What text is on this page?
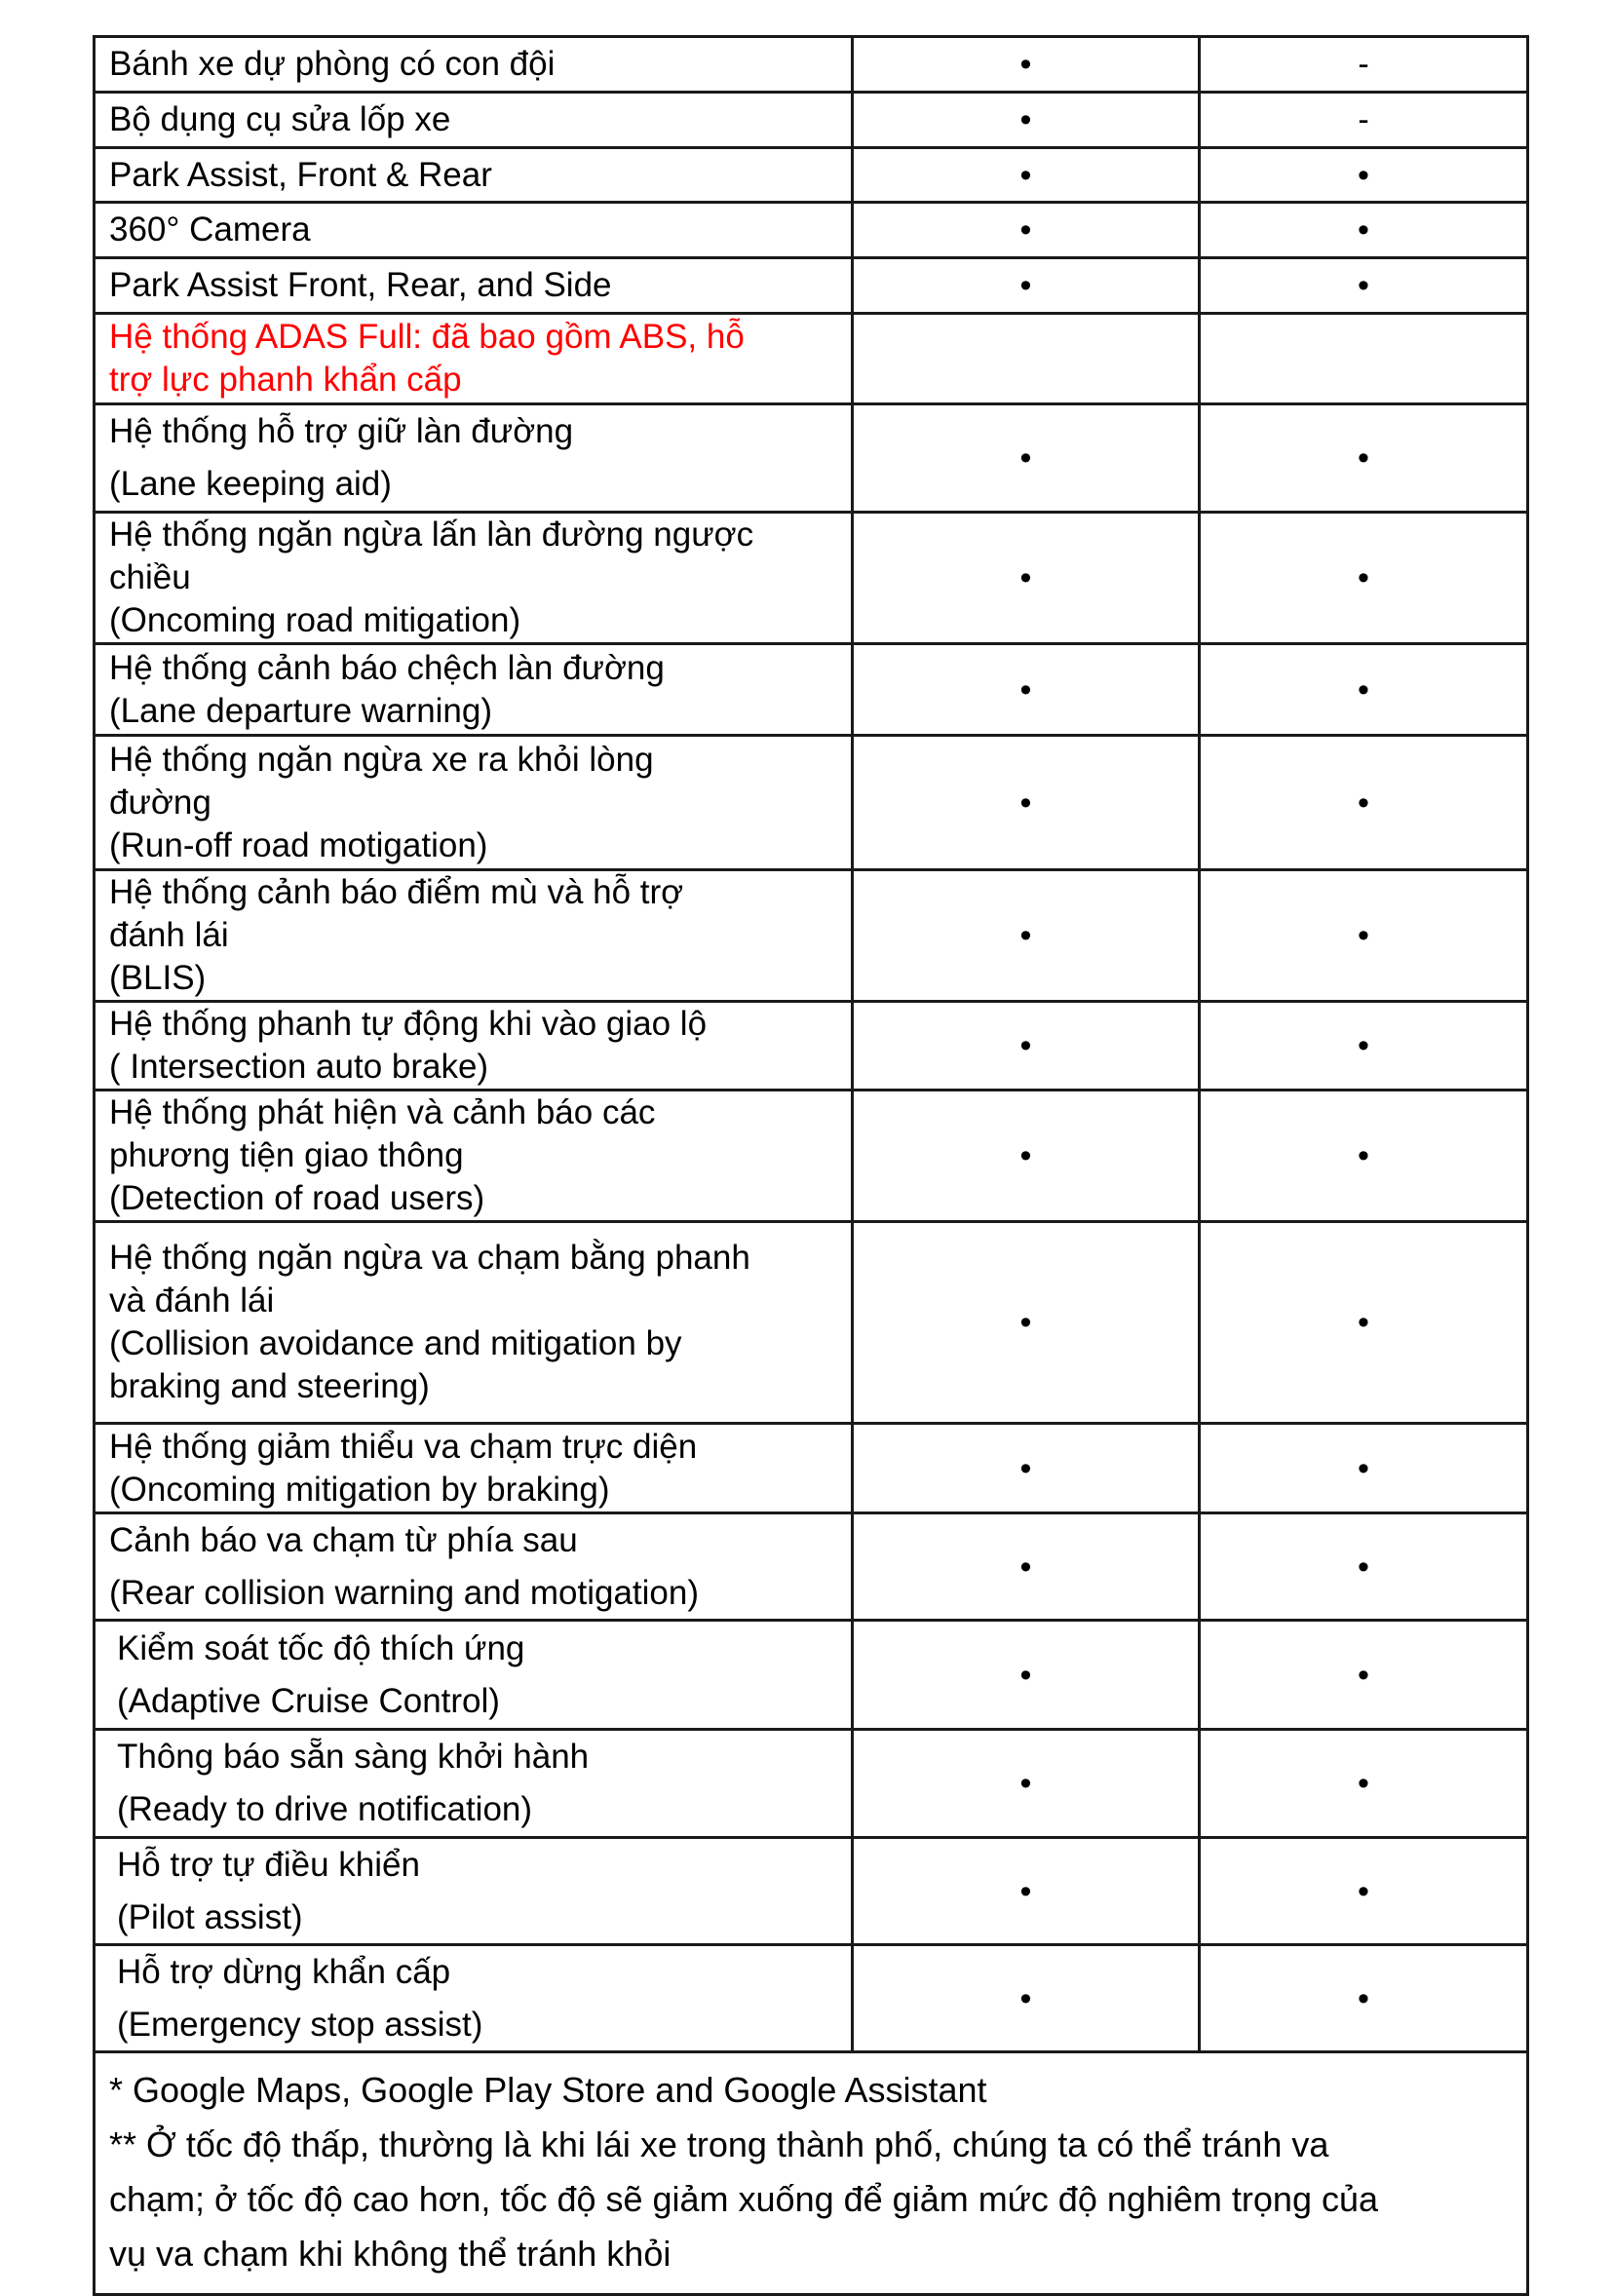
Bánh xe dự phòng có con đội	•	-

Bộ dụng cụ sửa lốp xe	•	-

Park Assist, Front & Rear	•	•

360° Camera	•	•

Park Assist Front, Rear, and Side	•	•

Hệ thống ADAS Full: đã bao gồm ABS, hỗ
trợ lực phanh khẩn cấp		

Hệ thống hỗ trợ giữ làn đường
(Lane keeping aid)	•	•

Hệ thống ngăn ngừa lấn làn đường ngược
chiều
(Oncoming road mitigation)	•	•

Hệ thống cảnh báo chệch làn đường
(Lane departure warning)	•	•

Hệ thống ngăn ngừa xe ra khỏi lòng
đường
(Run-off road motigation)	•	•

Hệ thống cảnh báo điểm mù và hỗ trợ
đánh lái
(BLIS)	•	•

Hệ thống phanh tự động khi vào giao lộ
( Intersection auto brake)	•	•

Hệ thống phát hiện và cảnh báo các
phương tiện giao thông
(Detection of road users)	•	•

Hệ thống ngăn ngừa va chạm bằng phanh
và đánh lái
(Collision avoidance and mitigation by
braking and steering)	•	•

Hệ thống giảm thiểu va chạm trực diện
(Oncoming mitigation by braking)	•	•

Cảnh báo va chạm từ phía sau
(Rear collision warning and motigation)	•	•

Kiểm soát tốc độ thích ứng
(Adaptive Cruise Control)	•	•

Thông báo sẵn sàng khởi hành
(Ready to drive notification)	•	•

Hỗ trợ tự điều khiển
(Pilot assist)	•	•

Hỗ trợ dừng khẩn cấp
(Emergency stop assist)	•	•

* Google Maps, Google Play Store and Google Assistant
** Ở tốc độ thấp, thường là khi lái xe trong thành phố, chúng ta có thể tránh va
chạm; ở tốc độ cao hơn, tốc độ sẽ giảm xuống để giảm mức độ nghiêm trọng của
vụ va chạm khi không thể tránh khỏi		
